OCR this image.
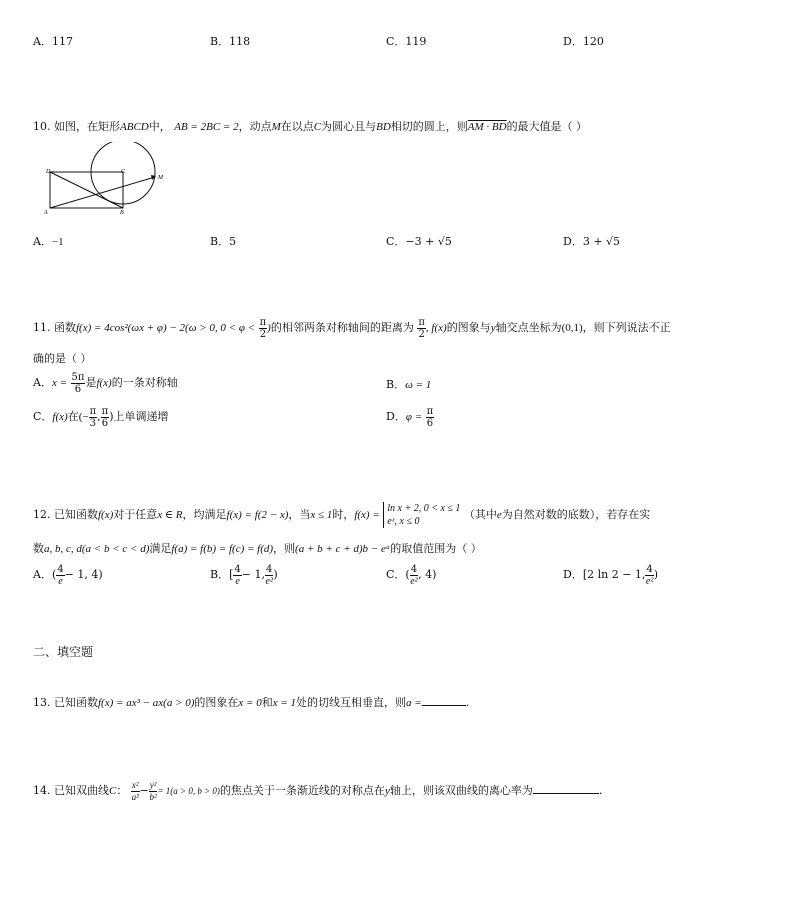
A．117	B．118	C．119	D．120
10. 如图，在矩形ABCD中， AB = 2BC = 2，动点M在以点C为圆心且与BD相切的圆上，则AM · BD的最大值是（ ）
D	C
A	B
M
A．−1	B．5	C．−3 + √5	D．3 + √5
11. 函数f(x) = 4cos²(ωx + φ) − 2(ω > 0, $0 < \varphi < \frac{\pi}{2}$ )的相邻两条对称轴间的距离为 $\frac{\pi}{2}$ , f(x)的图象与y轴交点坐标为(0,1)，则下列说法不正
确的是（ ）
A．$x = \frac{5\pi}{6}$ 是f(x)的一条对称轴	B．ω = 1
C．f(x)在(− $\frac{\pi}{3}$ , $\frac{\pi}{6}$ )上单调递增	D．$\varphi = \frac{\pi}{6}$
12. 已知函数f(x)对于任意x ∈ R，均满足f(x) = f(2 − x)，当x ≤ 1时，f(x) =
ln x + 2, 0 < x ≤ 1
eˣ, x ≤ 0
（其中e为自然对数的底数），若存在实
数a, b, c, d(a < b < c < d)满足f(a) = f(b) = f(c) = f(d)，则(a + b + c + d)b − eᵃ的取值范围为（ ）
A．( $\frac{4}{e} - 1$, 4)	B．[ $\frac{4}{e} - 1$, $\frac{4}{\text{e²}}$ )	C．( $\frac{4}{\text{e²}}$ , 4)	D．[2 ln 2 − 1, $\frac{4}{\text{e²}}$ )
二、填空题
13. 已知函数f(x) = ax³ − ax(a > 0)的图象在x = 0和x = 1处的切线互相垂直，则a =	.
14. 已知双曲线C： $\frac{\text{x²}}{\text{a²}} - \frac{\text{y²}}{\text{b²}} = 1(a > 0$, b > 0)的焦点关于一条渐近线的对称点在y轴上，则该双曲线的离心率为	.
